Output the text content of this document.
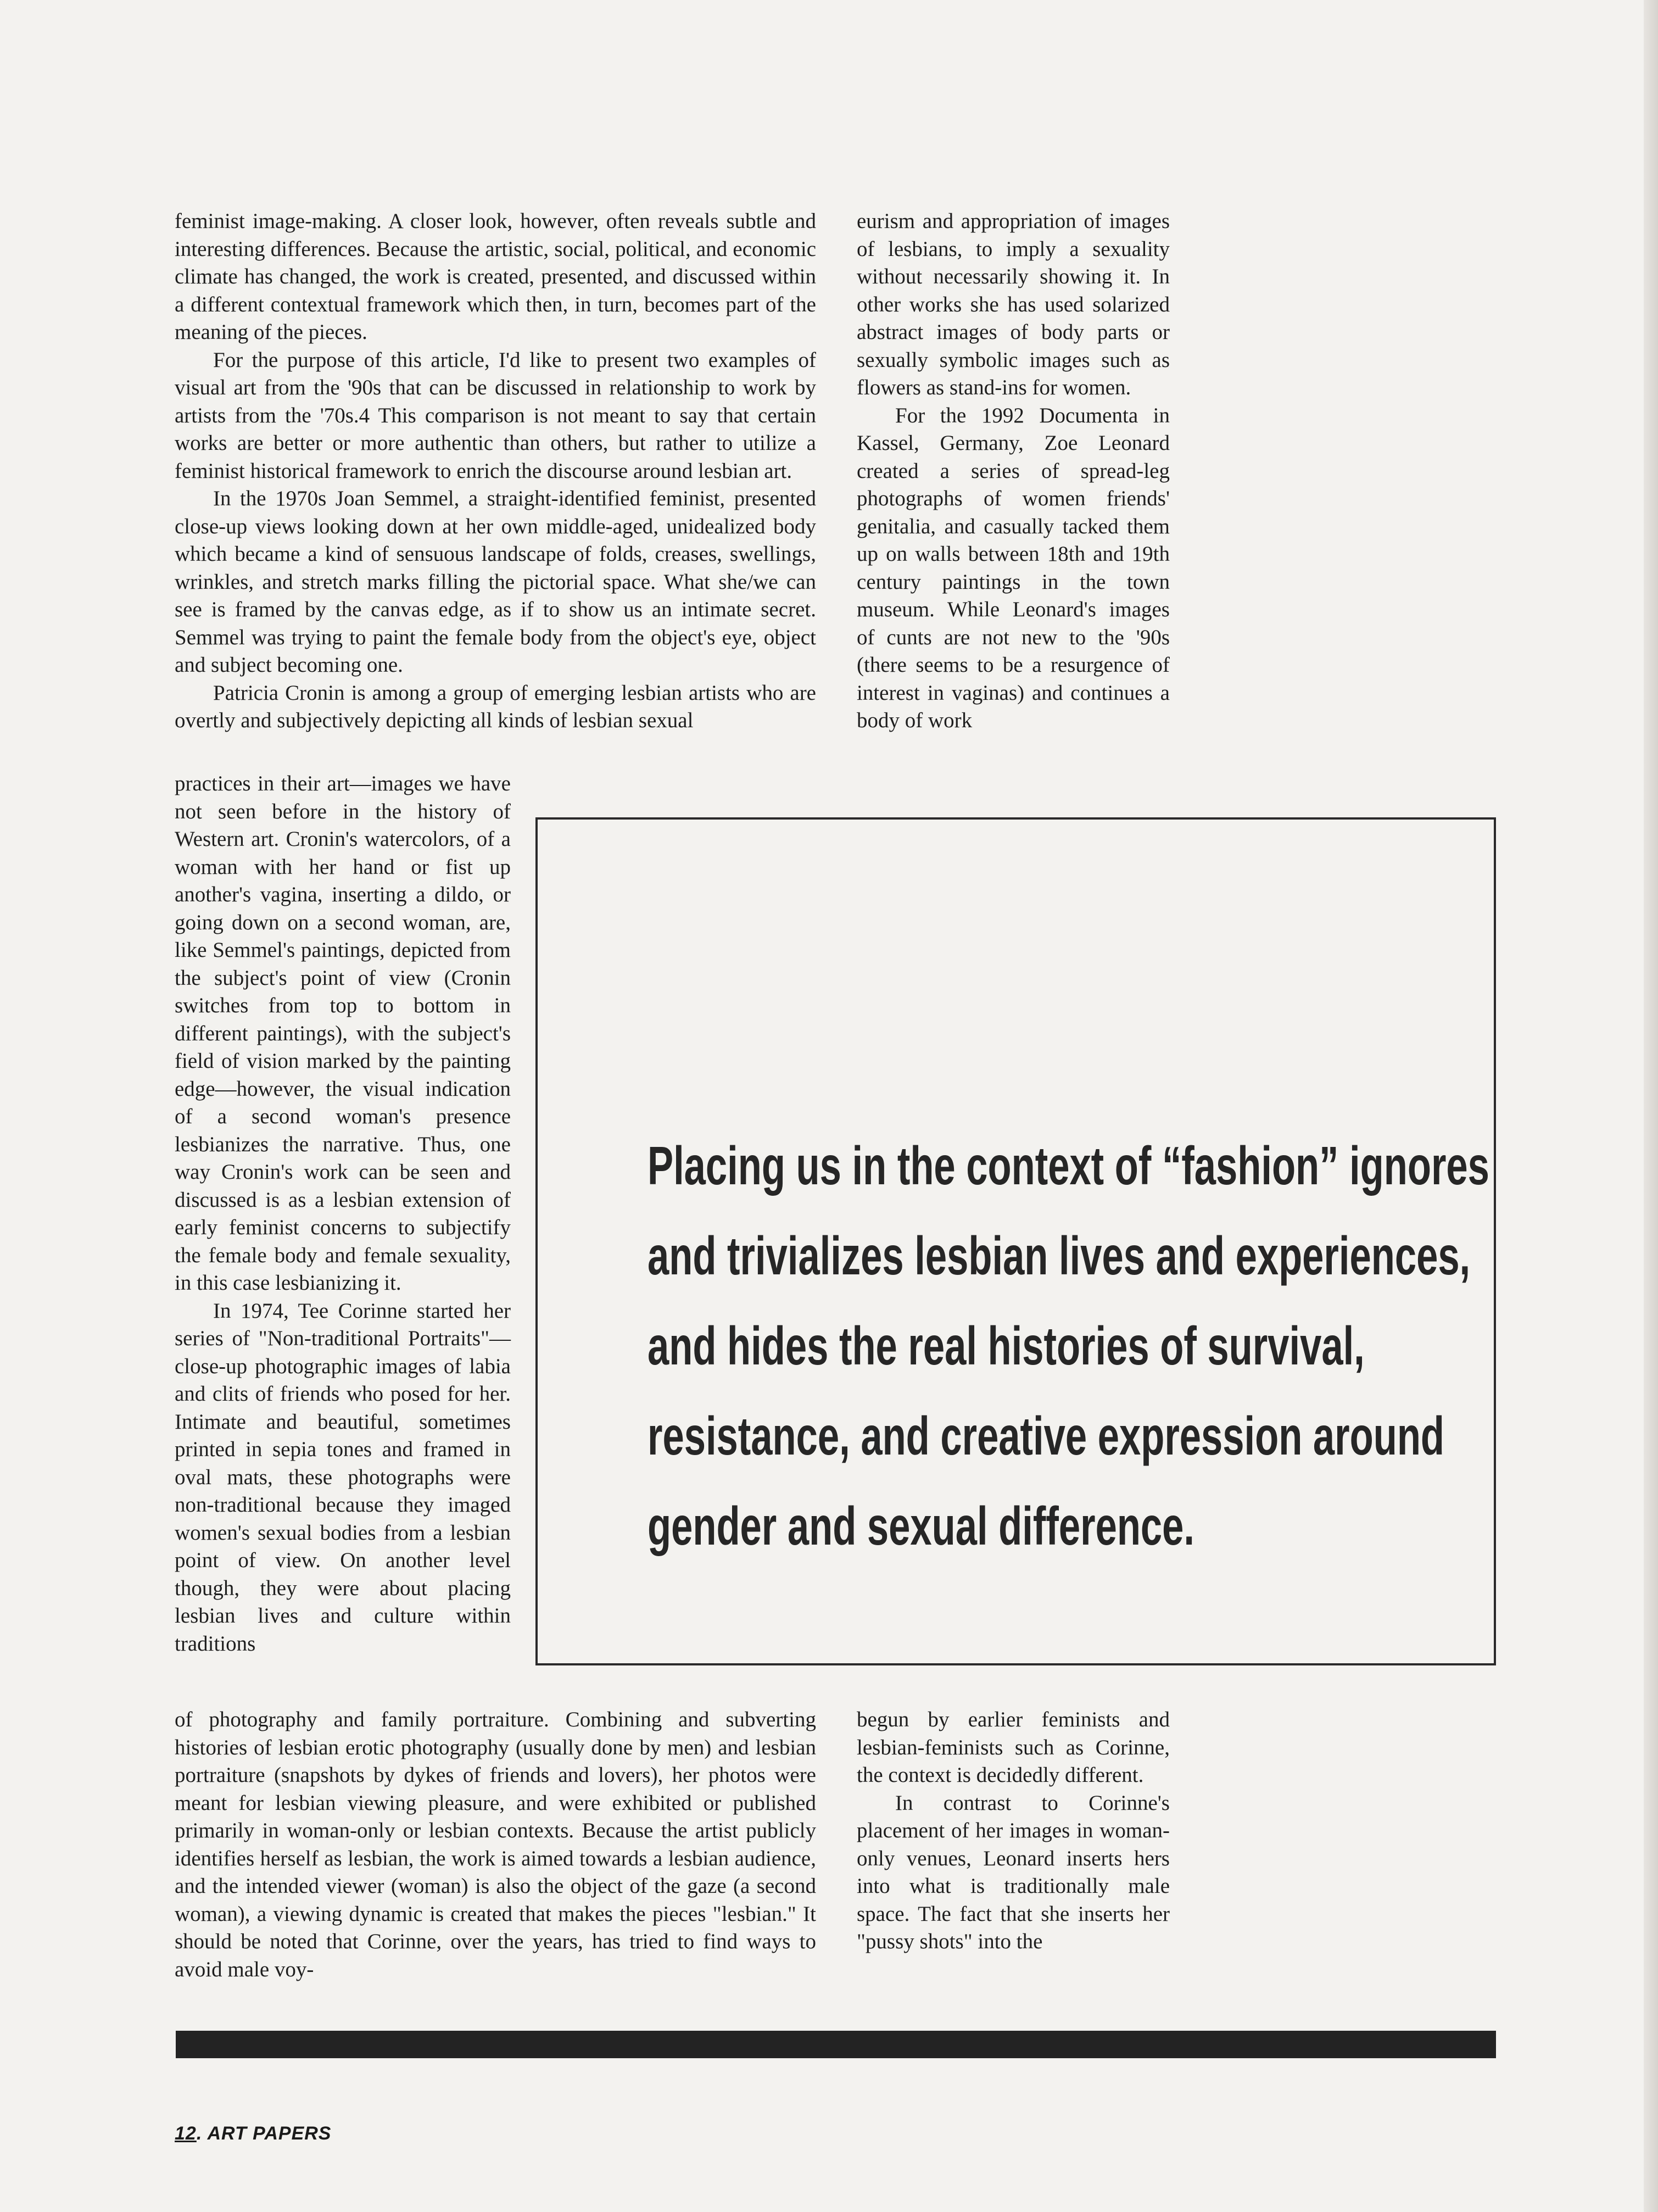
feminist image-making. A closer look, however, often reveals subtle and interesting differences. Because the artistic, social, political, and economic climate has changed, the work is created, presented, and discussed within a different contextual framework which then, in turn, becomes part of the meaning of the pieces.

For the purpose of this article, I'd like to present two examples of visual art from the '90s that can be discussed in relationship to work by artists from the '70s.4 This comparison is not meant to say that certain works are better or more authentic than others, but rather to utilize a feminist historical framework to enrich the discourse around lesbian art.

In the 1970s Joan Semmel, a straight-identified feminist, presented close-up views looking down at her own middle-aged, unidealized body which became a kind of sensuous landscape of folds, creases, swellings, wrinkles, and stretch marks filling the pictorial space. What she/we can see is framed by the canvas edge, as if to show us an intimate secret. Semmel was trying to paint the female body from the object's eye, object and subject becoming one.

Patricia Cronin is among a group of emerging lesbian artists who are overtly and subjectively depicting all kinds of lesbian sexual

eurism and appropriation of images of lesbians, to imply a sexuality without necessarily showing it. In other works she has used solarized abstract images of body parts or sexually symbolic images such as flowers as stand-ins for women.

For the 1992 Documenta in Kassel, Germany, Zoe Leonard created a series of spread-leg photographs of women friends' genitalia, and casually tacked them up on walls between 18th and 19th century paintings in the town museum. While Leonard's images of cunts are not new to the '90s (there seems to be a resurgence of interest in vaginas) and continues a body of work

practices in their art—images we have not seen before in the history of Western art. Cronin's watercolors, of a woman with her hand or fist up another's vagina, inserting a dildo, or going down on a second woman, are, like Semmel's paintings, depicted from the subject's point of view (Cronin switches from top to bottom in different paintings), with the subject's field of vision marked by the painting edge—however, the visual indication of a second woman's presence lesbianizes the narrative. Thus, one way Cronin's work can be seen and discussed is as a lesbian extension of early feminist concerns to subjectify the female body and female sexuality, in this case lesbianizing it.

In 1974, Tee Corinne started her series of "Non-traditional Portraits"—close-up photographic images of labia and clits of friends who posed for her. Intimate and beautiful, sometimes printed in sepia tones and framed in oval mats, these photographs were non-traditional because they imaged women's sexual bodies from a lesbian point of view. On another level though, they were about placing lesbian lives and culture within traditions

Placing us in the context of “fashion” ignores
and trivializes lesbian lives and experiences,
and hides the real histories of survival,
resistance, and creative expression around
gender and sexual difference.

of photography and family portraiture. Combining and subverting histories of lesbian erotic photography (usually done by men) and lesbian portraiture (snapshots by dykes of friends and lovers), her photos were meant for lesbian viewing pleasure, and were exhibited or published primarily in woman-only or lesbian contexts. Because the artist publicly identifies herself as lesbian, the work is aimed towards a lesbian audience, and the intended viewer (woman) is also the object of the gaze (a second woman), a viewing dynamic is created that makes the pieces "lesbian." It should be noted that Corinne, over the years, has tried to find ways to avoid male voy-

begun by earlier feminists and lesbian-feminists such as Corinne, the context is decidedly different.

In contrast to Corinne's placement of her images in woman-only venues, Leonard inserts hers into what is traditionally male space. The fact that she inserts her "pussy shots" into the

12. ART PAPERS
